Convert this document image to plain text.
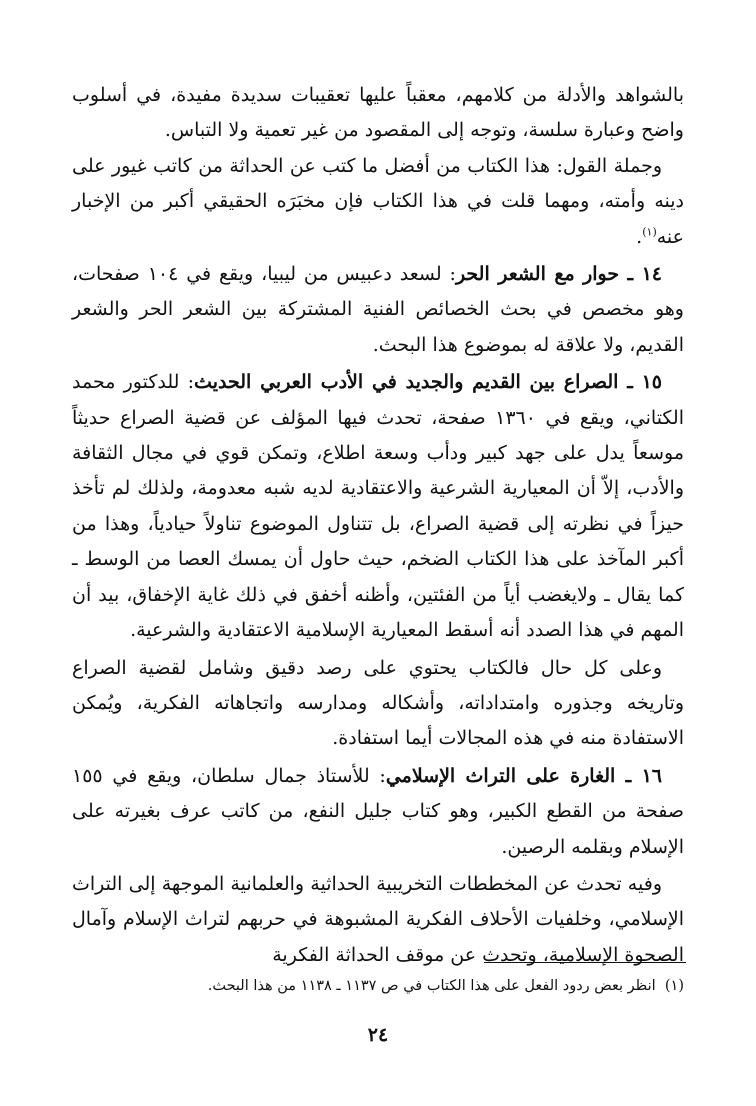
بالشواهد والأدلة من كلامهم، معقباً عليها تعقيبات سديدة مفيدة، في أسلوب واضح وعبارة سلسة، وتوجه إلى المقصود من غير تعمية ولا التباس.

وجملة القول: هذا الكتاب من أفضل ما كتب عن الحداثة من كاتب غيور على دينه وأمته، ومهما قلت في هذا الكتاب فإن مخبَرَه الحقيقي أكبر من الإخبار عنه$^{(١)}$.

١٤ ـ حوار مع الشعر الحر: لسعد دعبيس من ليبيا، ويقع في ١٠٤ صفحات، وهو مخصص في بحث الخصائص الفنية المشتركة بين الشعر الحر والشعر القديم، ولا علاقة له بموضوع هذا البحث.

١٥ ـ الصراع بين القديم والجديد في الأدب العربي الحديث: للدكتور محمد الكتاني، ويقع في ١٣٦٠ صفحة، تحدث فيها المؤلف عن قضية الصراع حديثاً موسعاً يدل على جهد كبير ودأب وسعة اطلاع، وتمكن قوي في مجال الثقافة والأدب، إلاّ أن المعيارية الشرعية والاعتقادية لديه شبه معدومة، ولذلك لم تأخذ حيزاً في نظرته إلى قضية الصراع، بل تتناول الموضوع تناولاً حيادياً، وهذا من أكبر المآخذ على هذا الكتاب الضخم، حيث حاول أن يمسك العصا من الوسط ـ كما يقال ـ ولايغضب أياً من الفئتين، وأظنه أخفق في ذلك غاية الإخفاق، بيد أن المهم في هذا الصدد أنه أسقط المعيارية الإسلامية الاعتقادية والشرعية.

وعلى كل حال فالكتاب يحتوي على رصد دقيق وشامل لقضية الصراع وتاريخه وجذوره وامتداداته، وأشكاله ومدارسه واتجاهاته الفكرية، ويُمكن الاستفادة منه في هذه المجالات أيما استفادة.

١٦ ـ الغارة على التراث الإسلامي: للأستاذ جمال سلطان، ويقع في ١٥٥ صفحة من القطع الكبير، وهو كتاب جليل النفع، من كاتب عرف بغيرته على الإسلام وبقلمه الرصين.

وفيه تحدث عن المخططات التخريبية الحداثية والعلمانية الموجهة إلى التراث الإسلامي، وخلفيات الأحلاف الفكرية المشبوهة في حربهم لتراث الإسلام وآمال الصحوة الإسلامية، وتحدث عن موقف الحداثة الفكرية

(١)  انظر بعض ردود الفعل على هذا الكتاب في ص ١١٣٧ ـ ١١٣٨ من هذا البحث.

٢٤
